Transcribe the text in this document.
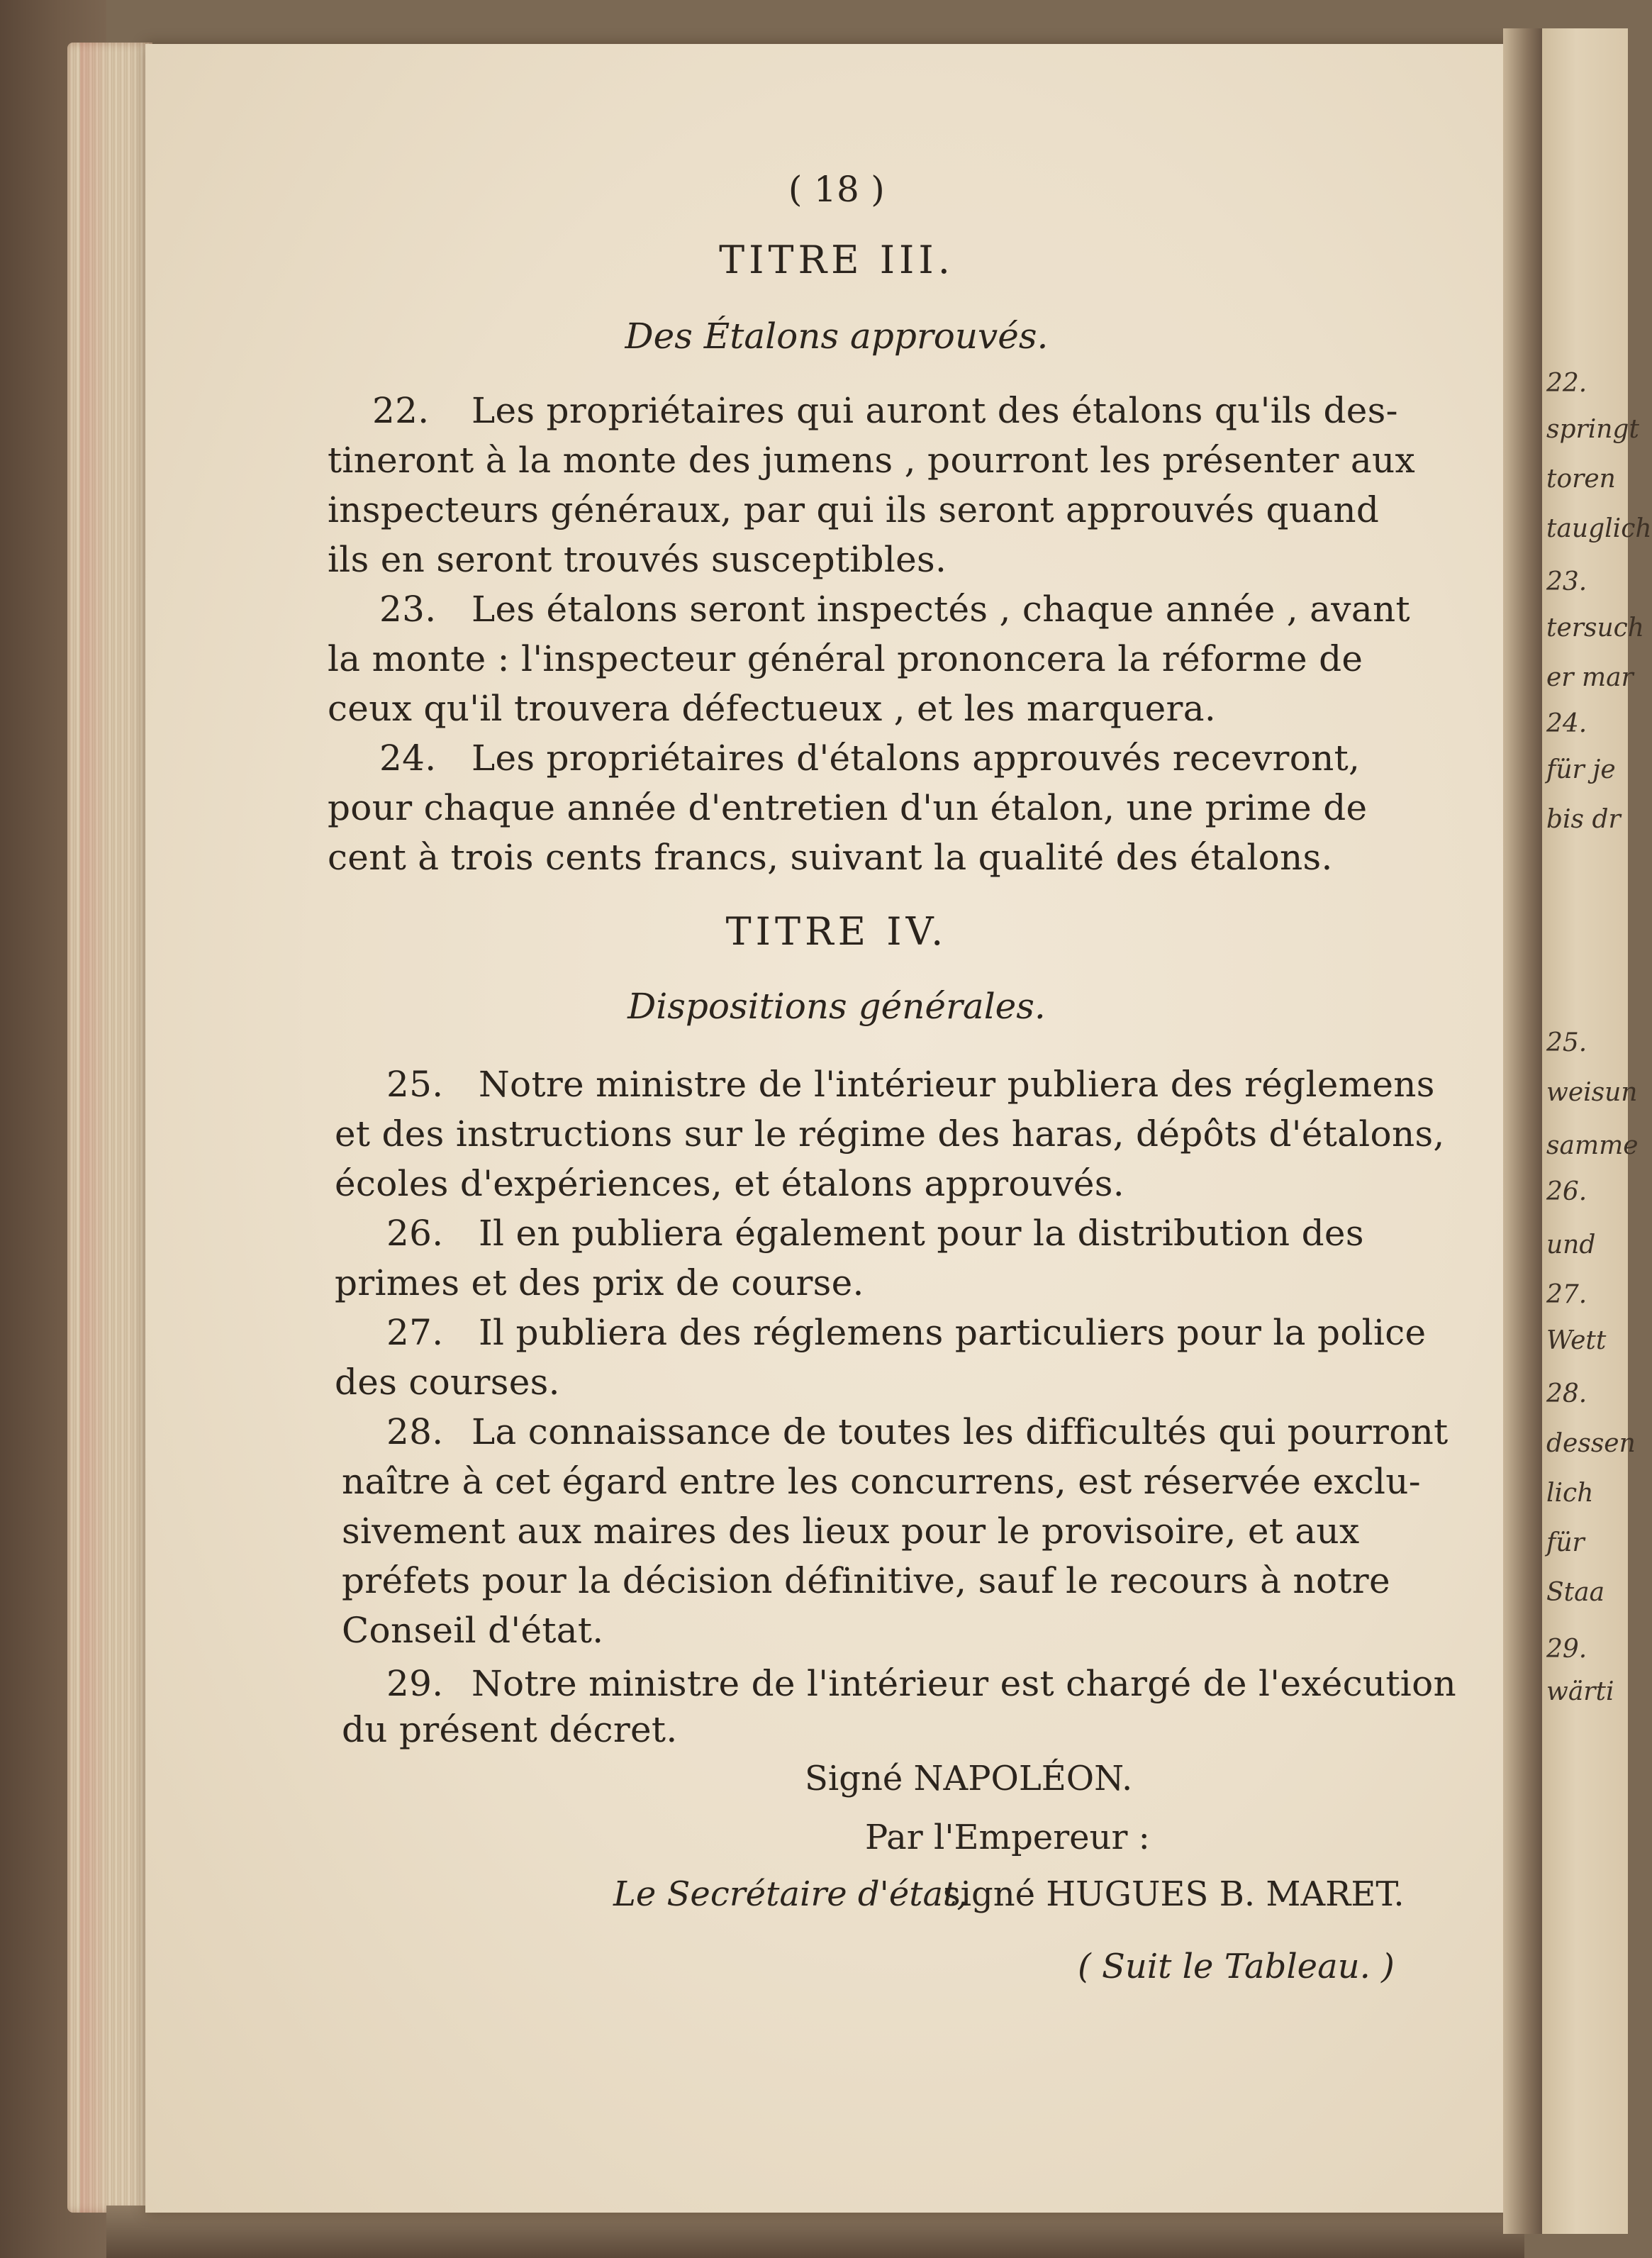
22.
springt
toren
tauglich
23.
tersuch
er mar
24.
für je
bis dr
25.
weisun
samme
26.
und
27.
Wett
28.
dessen
lich
für
Staa
29.
wärti
( 18 )
TITRE III.
Des Étalons approuvés.
22. Les propriétaires qui auront des étalons qu'ils des-
tineront à la monte des jumens , pourront les présenter aux
inspecteurs généraux, par qui ils seront approuvés quand
ils en seront trouvés susceptibles.
23. Les étalons seront inspectés , chaque année , avant
la monte : l'inspecteur général prononcera la réforme de
ceux qu'il trouvera défectueux , et les marquera.
24. Les propriétaires d'étalons approuvés recevront,
pour chaque année d'entretien d'un étalon, une prime de
cent à trois cents francs, suivant la qualité des étalons.
TITRE IV.
Dispositions générales.
25. Notre ministre de l'intérieur publiera des réglemens
et des instructions sur le régime des haras, dépôts d'étalons,
écoles d'expériences, et étalons approuvés.
26. Il en publiera également pour la distribution des
primes et des prix de course.
27. Il publiera des réglemens particuliers pour la police
des courses.
28. La connaissance de toutes les difficultés qui pourront
naître à cet égard entre les concurrens, est réservée exclu-
sivement aux maires des lieux pour le provisoire, et aux
préfets pour la décision définitive, sauf le recours à notre
Conseil d'état.
29. Notre ministre de l'intérieur est chargé de l'exécution
du présent décret.
Signé NAPOLÉON.
Par l'Empereur :
Le Secrétaire d'état,
signé HUGUES B. MARET.
( Suit le Tableau. )
